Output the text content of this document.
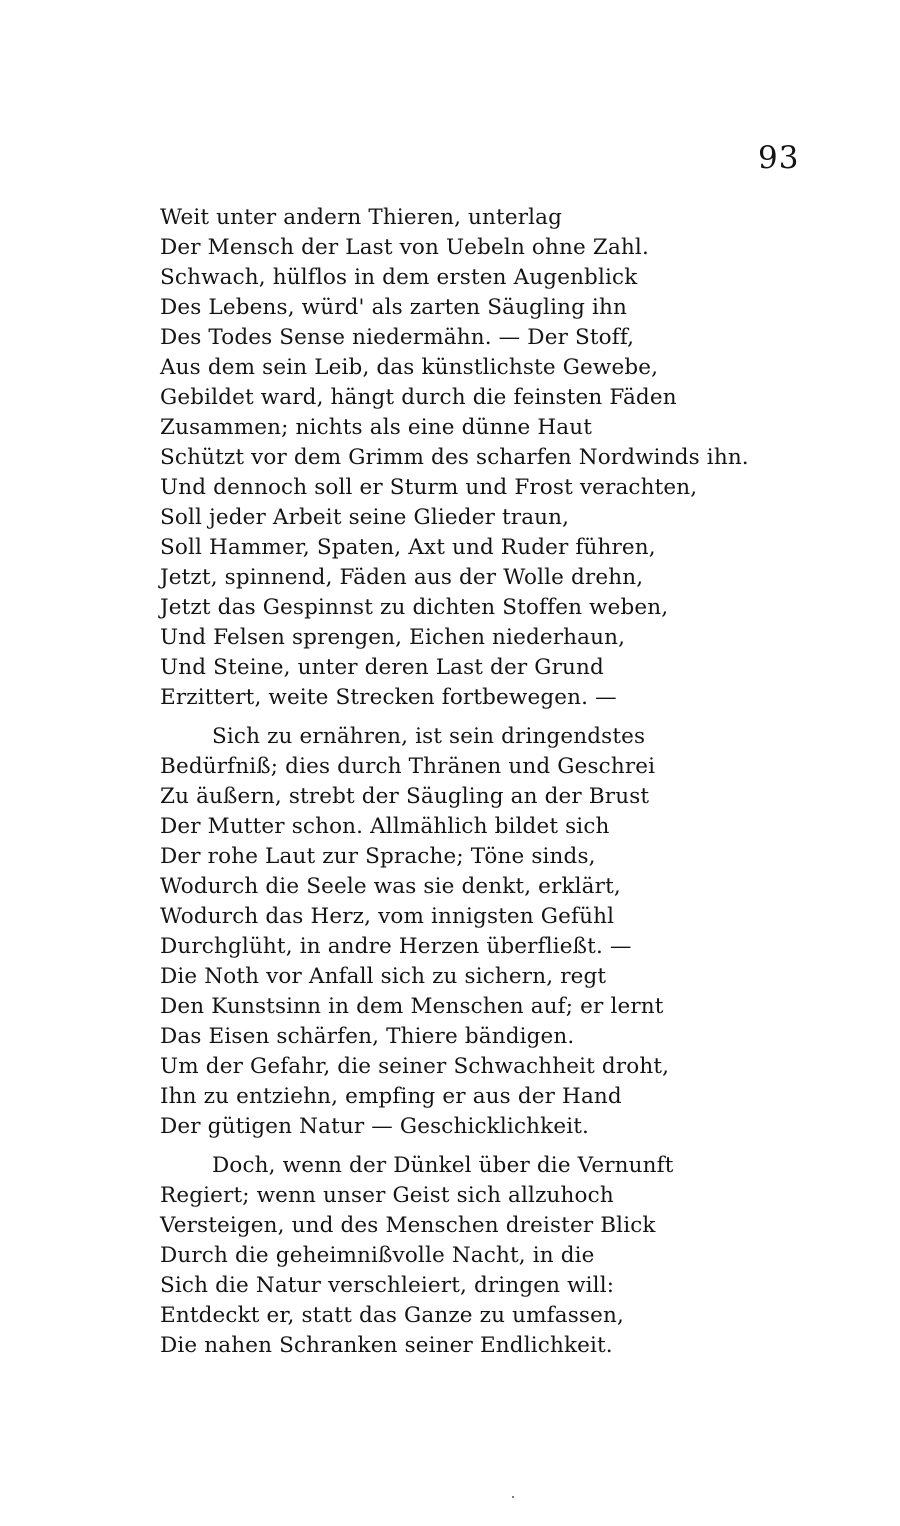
93
Weit unter andern Thieren, unterlag
Der Mensch der Last von Uebeln ohne Zahl.
Schwach, hülflos in dem ersten Augenblick
Des Lebens, würd' als zarten Säugling ihn
Des Todes Sense niedermähn. — Der Stoff,
Aus dem sein Leib, das künstlichste Gewebe,
Gebildet ward, hängt durch die feinsten Fäden
Zusammen; nichts als eine dünne Haut
Schützt vor dem Grimm des scharfen Nordwinds ihn.
Und dennoch soll er Sturm und Frost verachten,
Soll jeder Arbeit seine Glieder traun,
Soll Hammer, Spaten, Axt und Ruder führen,
Jetzt, spinnend, Fäden aus der Wolle drehn,
Jetzt das Gespinnst zu dichten Stoffen weben,
Und Felsen sprengen, Eichen niederhaun,
Und Steine, unter deren Last der Grund
Erzittert, weite Strecken fortbewegen. —
Sich zu ernähren, ist sein dringendstes
Bedürfniß; dies durch Thränen und Geschrei
Zu äußern, strebt der Säugling an der Brust
Der Mutter schon. Allmählich bildet sich
Der rohe Laut zur Sprache; Töne sinds,
Wodurch die Seele was sie denkt, erklärt,
Wodurch das Herz, vom innigsten Gefühl
Durchglüht, in andre Herzen überfließt. —
Die Noth vor Anfall sich zu sichern, regt
Den Kunstsinn in dem Menschen auf; er lernt
Das Eisen schärfen, Thiere bändigen.
Um der Gefahr, die seiner Schwachheit droht,
Ihn zu entziehn, empfing er aus der Hand
Der gütigen Natur — Geschicklichkeit.
Doch, wenn der Dünkel über die Vernunft
Regiert; wenn unser Geist sich allzuhoch
Versteigen, und des Menschen dreister Blick
Durch die geheimnißvolle Nacht, in die
Sich die Natur verschleiert, dringen will:
Entdeckt er, statt das Ganze zu umfassen,
Die nahen Schranken seiner Endlichkeit.
